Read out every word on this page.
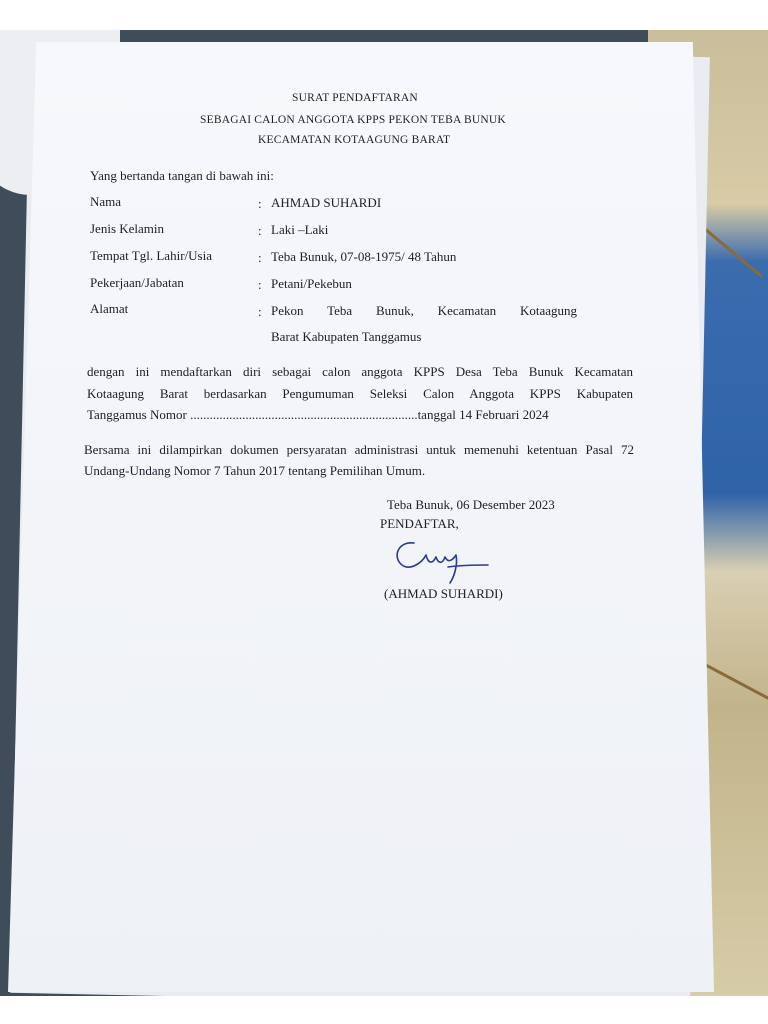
SURAT PENDAFTARAN
SEBAGAI CALON ANGGOTA KPPS PEKON TEBA BUNUK
KECAMATAN KOTAAGUNG BARAT
Yang bertanda tangan di bawah ini:
Nama	: AHMAD SUHARDI
Jenis Kelamin	: Laki –Laki
Tempat Tgl. Lahir/Usia	: Teba Bunuk, 07-08-1975/ 48 Tahun
Pekerjaan/Jabatan	: Petani/Pekebun
Alamat	: Pekon Teba Bunuk, Kecamatan Kotaagung
Barat Kabupaten Tanggamus
dengan ini mendaftarkan diri sebagai calon anggota KPPS Desa Teba Bunuk Kecamatan
Kotaagung Barat berdasarkan Pengumuman Seleksi Calon Anggota KPPS Kabupaten
Tanggamus Nomor ......................................................................tanggal 14 Februari 2024
Bersama ini dilampirkan dokumen persyaratan administrasi untuk memenuhi ketentuan Pasal 72
Undang-Undang Nomor 7 Tahun 2017 tentang Pemilihan Umum.
Teba Bunuk, 06 Desember 2023
PENDAFTAR,
(AHMAD SUHARDI)
